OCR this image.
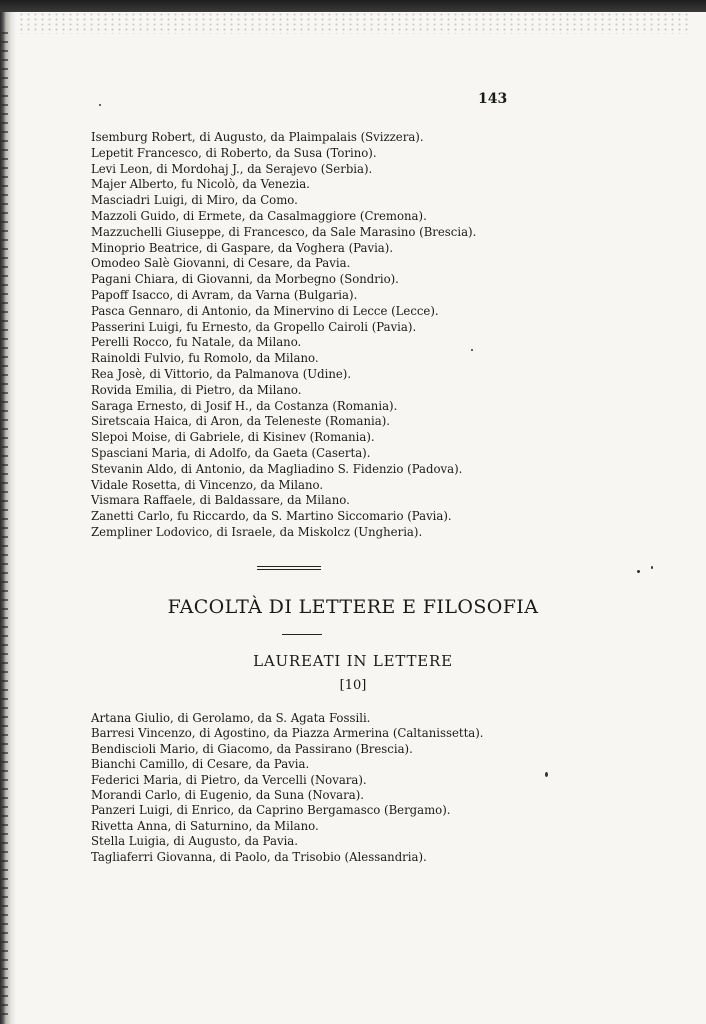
143
Isemburg Robert, di Augusto, da Plaimpalais (Svizzera).
Lepetit Francesco, di Roberto, da Susa (Torino).
Levi Leon, di Mordohaj J., da Serajevo (Serbia).
Majer Alberto, fu Nicolò, da Venezia.
Masciadri Luigi, di Miro, da Como.
Mazzoli Guido, di Ermete, da Casalmaggiore (Cremona).
Mazzuchelli Giuseppe, di Francesco, da Sale Marasino (Brescia).
Minoprio Beatrice, di Gaspare, da Voghera (Pavia).
Omodeo Salè Giovanni, di Cesare, da Pavia.
Pagani Chiara, di Giovanni, da Morbegno (Sondrio).
Papoff Isacco, di Avram, da Varna (Bulgaria).
Pasca Gennaro, di Antonio, da Minervino di Lecce (Lecce).
Passerini Luigi, fu Ernesto, da Gropello Cairoli (Pavia).
Perelli Rocco, fu Natale, da Milano.
Rainoldi Fulvio, fu Romolo, da Milano.
Rea Josè, di Vittorio, da Palmanova (Udine).
Rovida Emilia, di Pietro, da Milano.
Saraga Ernesto, di Josif H., da Costanza (Romania).
Siretscaia Haica, di Aron, da Teleneste (Romania).
Slepoi Moise, di Gabriele, di Kisinev (Romania).
Spasciani Maria, di Adolfo, da Gaeta (Caserta).
Stevanin Aldo, di Antonio, da Magliadino S. Fidenzio (Padova).
Vidale Rosetta, di Vincenzo, da Milano.
Vismara Raffaele, di Baldassare, da Milano.
Zanetti Carlo, fu Riccardo, da S. Martino Siccomario (Pavia).
Zempliner Lodovico, di Israele, da Miskolcz (Ungheria).
FACOLTÀ DI LETTERE E FILOSOFIA
LAUREATI IN LETTERE
[10]
Artana Giulio, di Gerolamo, da S. Agata Fossili.
Barresi Vincenzo, di Agostino, da Piazza Armerina (Caltanissetta).
Bendiscioli Mario, di Giacomo, da Passirano (Brescia).
Bianchi Camillo, di Cesare, da Pavia.
Federici Maria, di Pietro, da Vercelli (Novara).
Morandi Carlo, di Eugenio, da Suna (Novara).
Panzeri Luigi, di Enrico, da Caprino Bergamasco (Bergamo).
Rivetta Anna, di Saturnino, da Milano.
Stella Luigia, di Augusto, da Pavia.
Tagliaferri Giovanna, di Paolo, da Trisobio (Alessandria).
